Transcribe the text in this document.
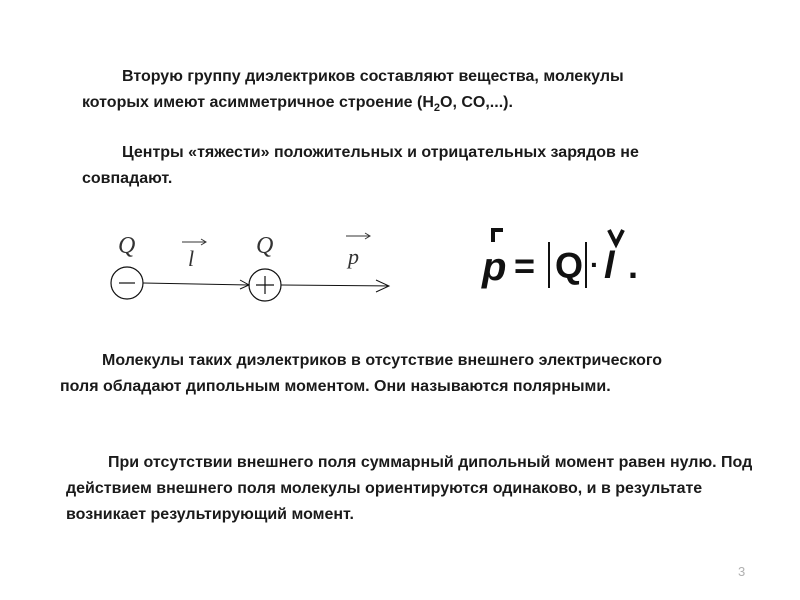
Вторую группу диэлектриков составляют вещества, молекулы которых имеют асимметричное строение ($H_2O$, CO,...).

Центры «тяжести» положительных и отрицательных зарядов не совпадают.

Q	Q
l	p	p = Q · l .

Молекулы таких диэлектриков в отсутствие внешнего электрического поля обладают дипольным моментом. Они называются полярными.

При отсутствии внешнего поля суммарный дипольный момент равен нулю. Под действием внешнего поля молекулы ориентируются одинаково, и в результате возникает результирующий момент.

3
